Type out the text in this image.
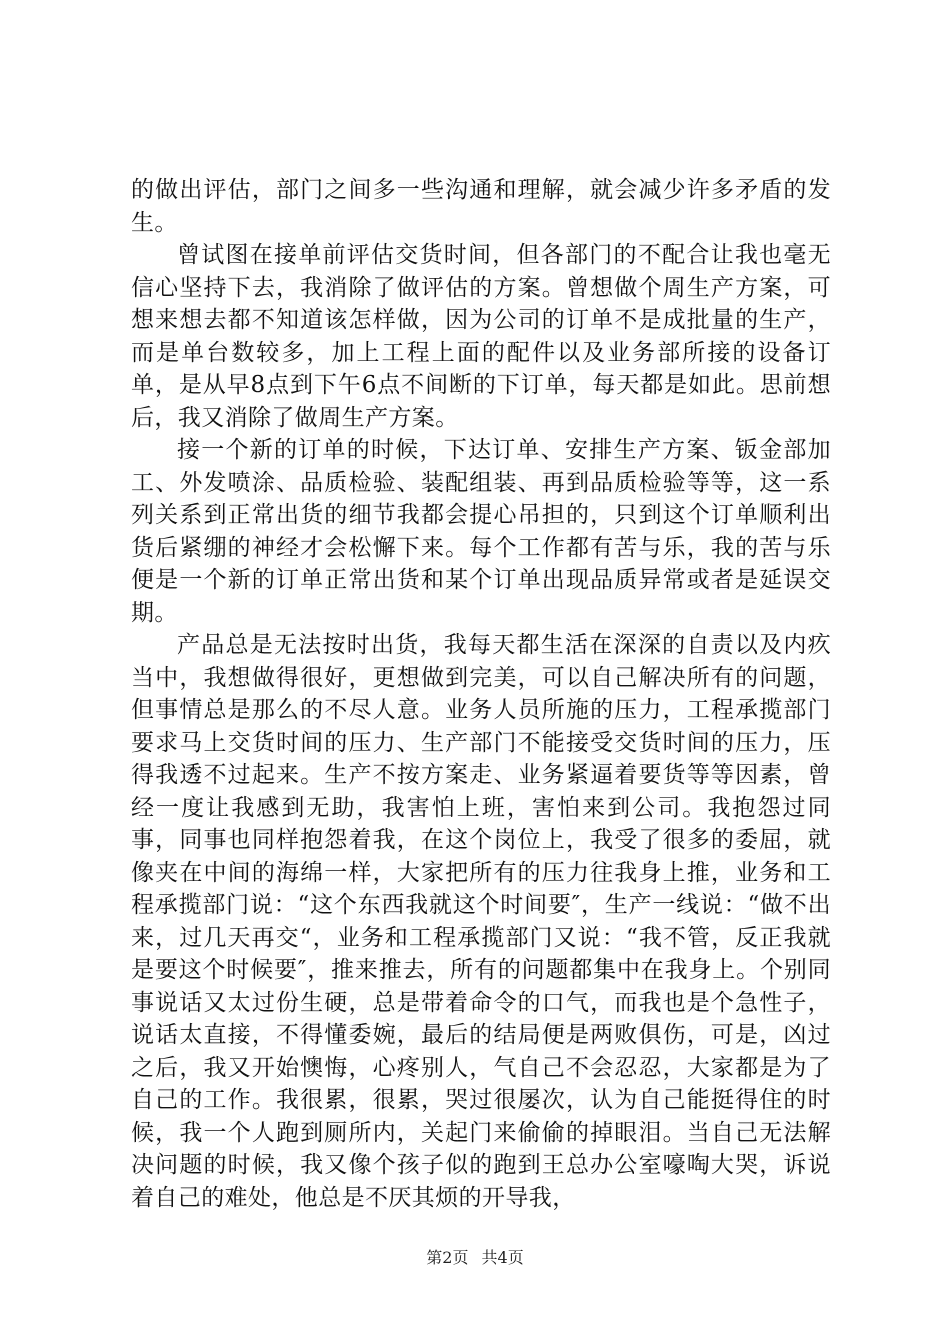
的做出评估，部门之间多一些沟通和理解，就会减少许多矛盾的发生。

曾试图在接单前评估交货时间，但各部门的不配合让我也毫无信心坚持下去，我消除了做评估的方案。曾想做个周生产方案，可想来想去都不知道该怎样做，因为公司的订单不是成批量的生产，而是单台数较多，加上工程上面的配件以及业务部所接的设备订单，是从早8点到下午6点不间断的下订单，每天都是如此。思前想后，我又消除了做周生产方案。

接一个新的订单的时候，下达订单、安排生产方案、钣金部加工、外发喷涂、品质检验、装配组装、再到品质检验等等，这一系列关系到正常出货的细节我都会提心吊担的，只到这个订单顺利出货后紧绷的神经才会松懈下来。每个工作都有苦与乐，我的苦与乐便是一个新的订单正常出货和某个订单出现品质异常或者是延误交期。

产品总是无法按时出货，我每天都生活在深深的自责以及内疚当中，我想做得很好，更想做到完美，可以自己解决所有的问题，但事情总是那么的不尽人意。业务人员所施的压力，工程承揽部门要求马上交货时间的压力、生产部门不能接受交货时间的压力，压得我透不过起来。生产不按方案走、业务紧逼着要货等等因素，曾经一度让我感到无助，我害怕上班，害怕来到公司。我抱怨过同事，同事也同样抱怨着我，在这个岗位上，我受了很多的委屈，就像夹在中间的海绵一样，大家把所有的压力往我身上推，业务和工程承揽部门说：“这个东西我就这个时间要″，生产一线说：“做不出来，过几天再交“，业务和工程承揽部门又说：“我不管，反正我就是要这个时候要″，推来推去，所有的问题都集中在我身上。个别同事说话又太过份生硬，总是带着命令的口气，而我也是个急性子，说话太直接，不得懂委婉，最后的结局便是两败俱伤，可是，凶过之后，我又开始懊悔，心疼别人，气自己不会忍忍，大家都是为了自己的工作。我很累，很累，哭过很屡次，认为自己能挺得住的时候，我一个人跑到厕所内，关起门来偷偷的掉眼泪。当自己无法解决问题的时候，我又像个孩子似的跑到王总办公室嚎啕大哭，诉说着自己的难处，他总是不厌其烦的开导我，

第2页 共4页
